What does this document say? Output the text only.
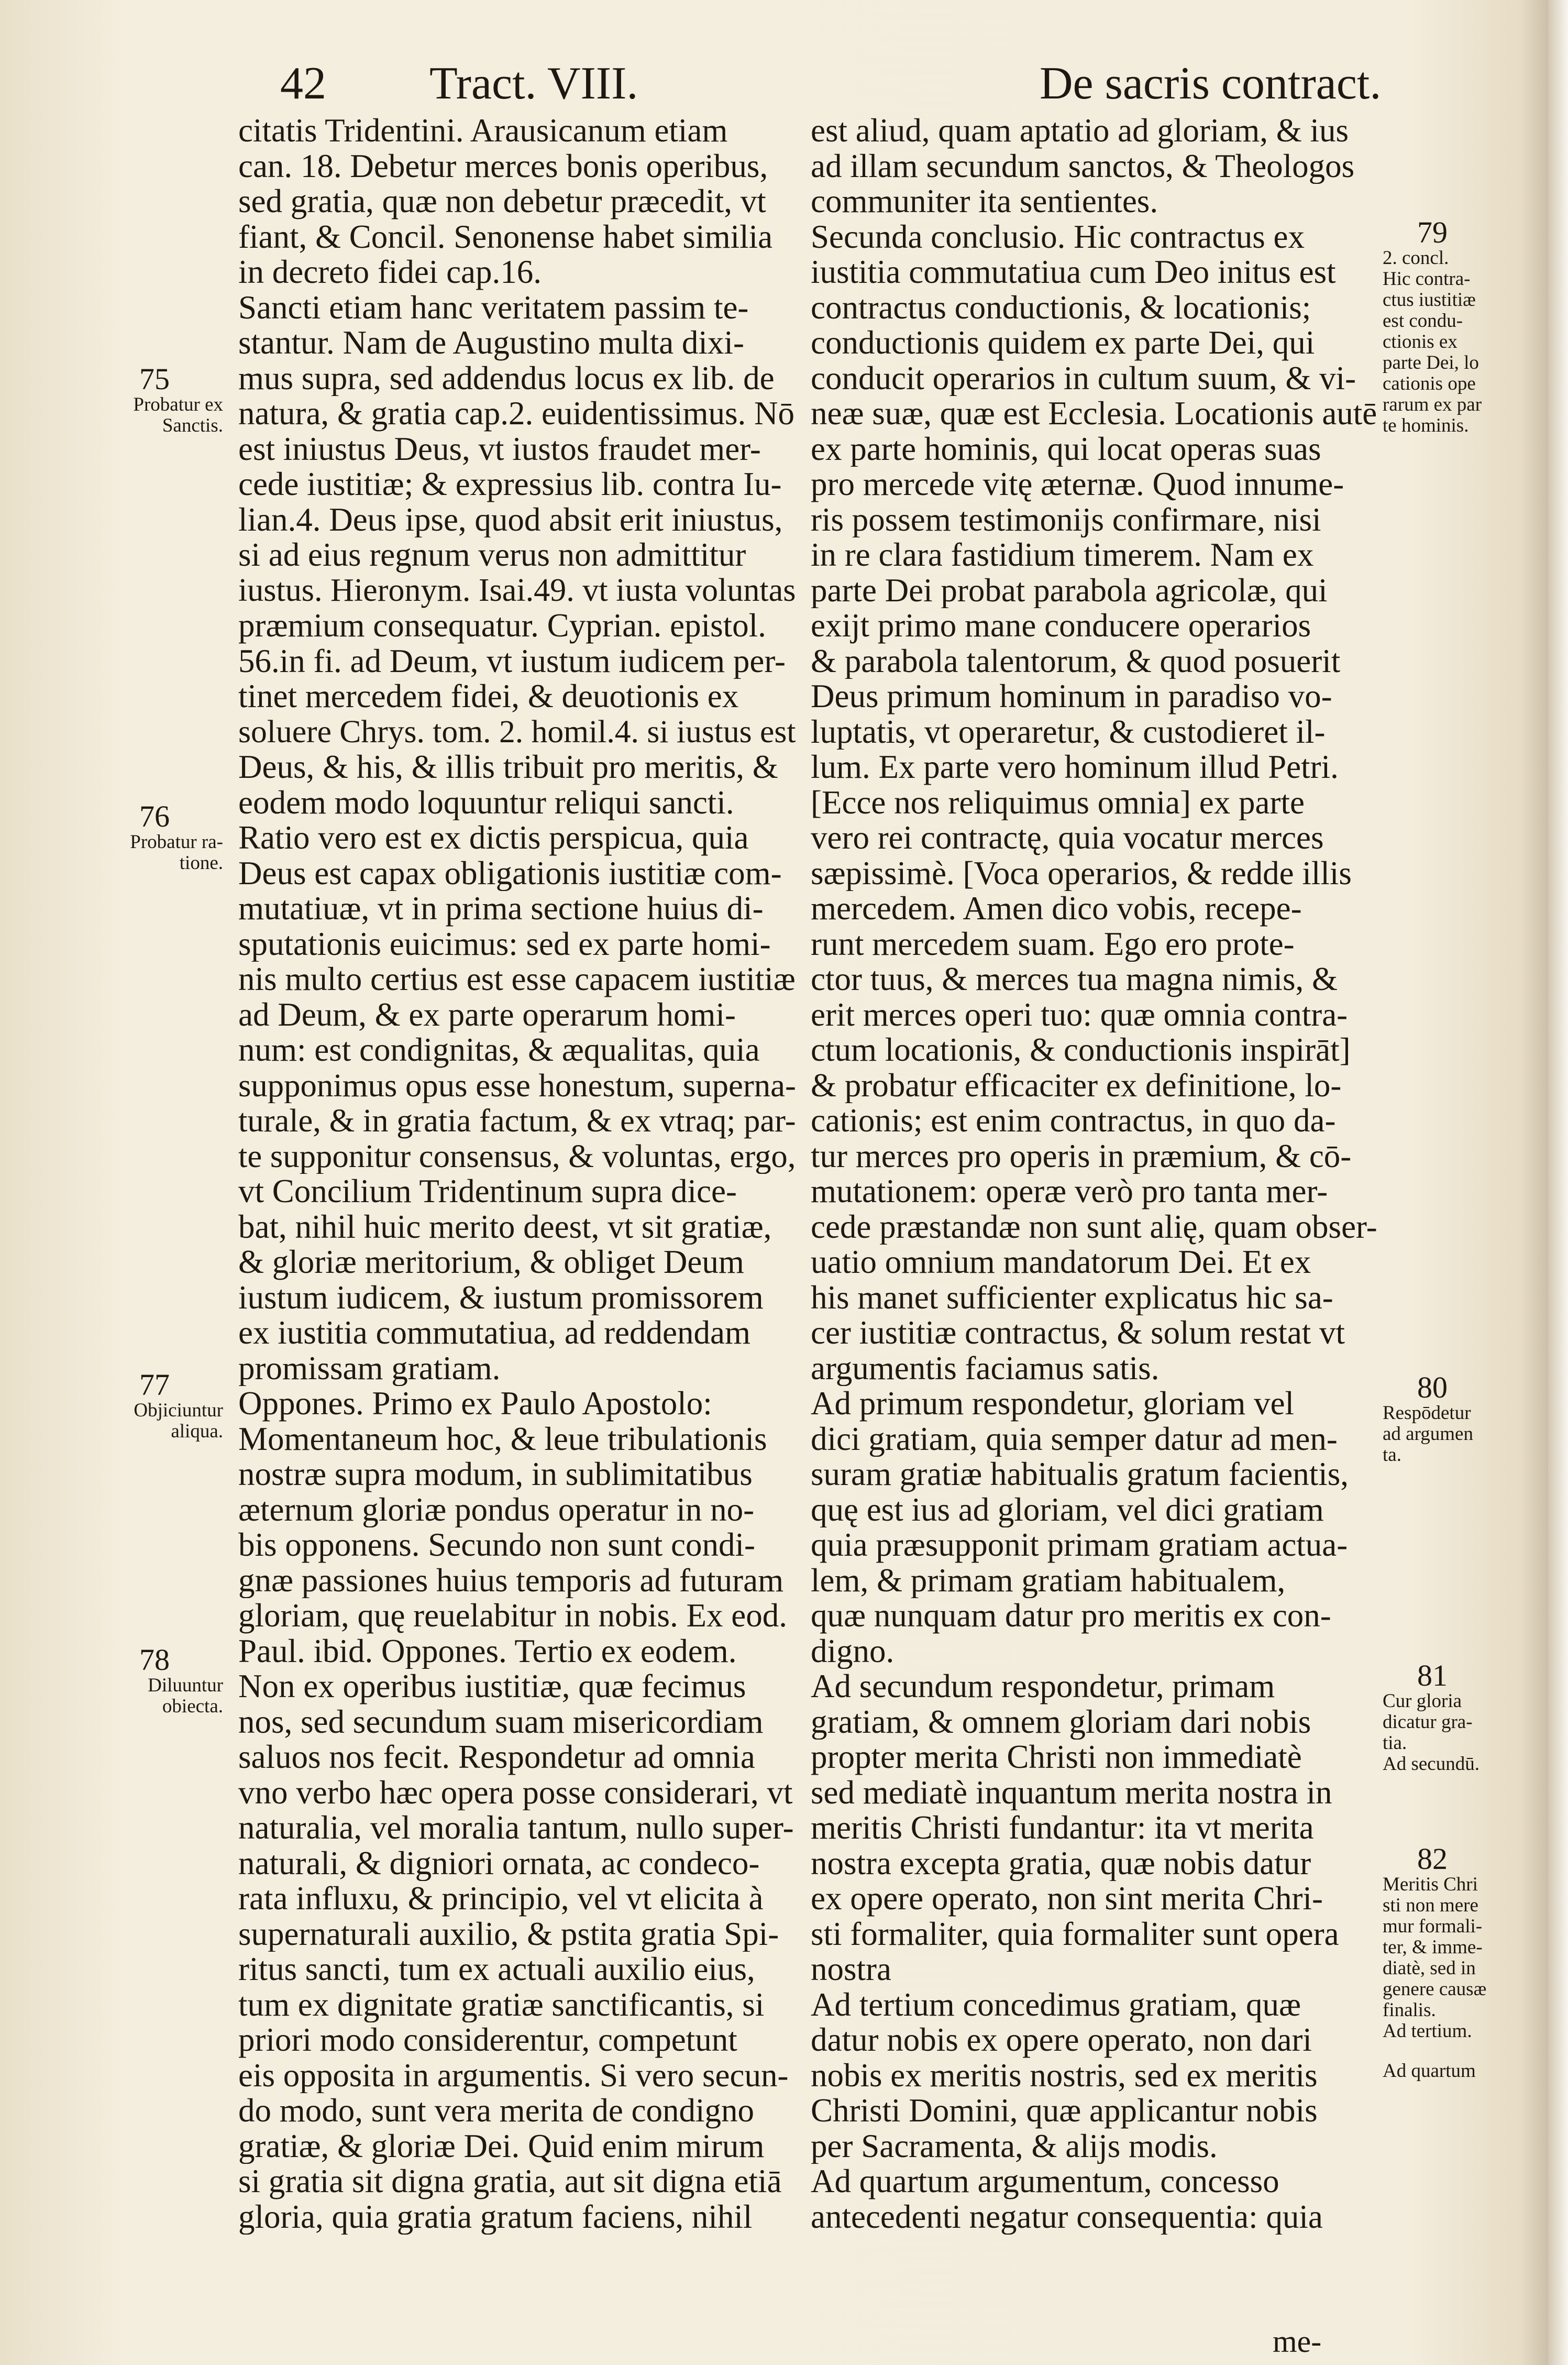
42 Tract. VIII.	De sacris contract.
citatis Tridentini. Arausicanum etiam
can. 18. Debetur merces bonis operibus,
sed gratia, quæ non debetur præcedit, vt
fiant, & Concil. Senonense habet similia
in decreto fidei cap.16.
Sancti etiam hanc veritatem passim te-
stantur. Nam de Augustino multa dixi-
mus supra, sed addendus locus ex lib. de
natura, & gratia cap.2. euidentissimus. Nō
est iniustus Deus, vt iustos fraudet mer-
cede iustitiæ; & expressius lib. contra Iu-
lian.4. Deus ipse, quod absit erit iniustus,
si ad eius regnum verus non admittitur
iustus. Hieronym. Isai.49. vt iusta voluntas
præmium consequatur. Cyprian. epistol.
56.in fi. ad Deum, vt iustum iudicem per-
tinet mercedem fidei, & deuotionis ex
soluere Chrys. tom. 2. homil.4. si iustus est
Deus, & his, & illis tribuit pro meritis, &
eodem modo loquuntur reliqui sancti.
Ratio vero est ex dictis perspicua, quia
Deus est capax obligationis iustitiæ com-
mutatiuæ, vt in prima sectione huius di-
sputationis euicimus: sed ex parte homi-
nis multo certius est esse capacem iustitiæ
ad Deum, & ex parte operarum homi-
num: est condignitas, & æqualitas, quia
supponimus opus esse honestum, superna-
turale, & in gratia factum, & ex vtraq; par-
te supponitur consensus, & voluntas, ergo,
vt Concilium Tridentinum supra dice-
bat, nihil huic merito deest, vt sit gratiæ,
& gloriæ meritorium, & obliget Deum
iustum iudicem, & iustum promissorem
ex iustitia commutatiua, ad reddendam
promissam gratiam.
Oppones. Primo ex Paulo Apostolo:
Momentaneum hoc, & leue tribulationis
nostræ supra modum, in sublimitatibus
æternum gloriæ pondus operatur in no-
bis opponens. Secundo non sunt condi-
gnæ passiones huius temporis ad futuram
gloriam, quę reuelabitur in nobis. Ex eod.
Paul. ibid. Oppones. Tertio ex eodem.
Non ex operibus iustitiæ, quæ fecimus
nos, sed secundum suam misericordiam
saluos nos fecit. Respondetur ad omnia
vno verbo hæc opera posse considerari, vt
naturalia, vel moralia tantum, nullo super-
naturali, & digniori ornata, ac condeco-
rata influxu, & principio, vel vt elicita à
supernaturali auxilio, & pstita gratia Spi-
ritus sancti, tum ex actuali auxilio eius,
tum ex dignitate gratiæ sanctificantis, si
priori modo considerentur, competunt
eis opposita in argumentis. Si vero secun-
do modo, sunt vera merita de condigno
gratiæ, & gloriæ Dei. Quid enim mirum
si gratia sit digna gratia, aut sit digna etiā
gloria, quia gratia gratum faciens, nihil
est aliud, quam aptatio ad gloriam, & ius
ad illam secundum sanctos, & Theologos
communiter ita sentientes.
Secunda conclusio. Hic contractus ex
iustitia commutatiua cum Deo initus est
contractus conductionis, & locationis;
conductionis quidem ex parte Dei, qui
conducit operarios in cultum suum, & vi-
neæ suæ, quæ est Ecclesia. Locationis autē
ex parte hominis, qui locat operas suas
pro mercede vitę æternæ. Quod innume-
ris possem testimonijs confirmare, nisi
in re clara fastidium timerem. Nam ex
parte Dei probat parabola agricolæ, qui
exijt primo mane conducere operarios
& parabola talentorum, & quod posuerit
Deus primum hominum in paradiso vo-
luptatis, vt operaretur, & custodieret il-
lum. Ex parte vero hominum illud Petri.
[Ecce nos reliquimus omnia] ex parte
vero rei contractę, quia vocatur merces
sæpissimè. [Voca operarios, & redde illis
mercedem. Amen dico vobis, recepe-
runt mercedem suam. Ego ero prote-
ctor tuus, & merces tua magna nimis, &
erit merces operi tuo: quæ omnia contra-
ctum locationis, & conductionis inspirāt]
& probatur efficaciter ex definitione, lo-
cationis; est enim contractus, in quo da-
tur merces pro operis in præmium, & cō-
mutationem: operæ verò pro tanta mer-
cede præstandæ non sunt alię, quam obser-
uatio omnium mandatorum Dei. Et ex
his manet sufficienter explicatus hic sa-
cer iustitiæ contractus, & solum restat vt
argumentis faciamus satis.
Ad primum respondetur, gloriam vel
dici gratiam, quia semper datur ad men-
suram gratiæ habitualis gratum facientis,
quę est ius ad gloriam, vel dici gratiam
quia præsupponit primam gratiam actua-
lem, & primam gratiam habitualem,
quæ nunquam datur pro meritis ex con-
digno.
Ad secundum respondetur, primam
gratiam, & omnem gloriam dari nobis
propter merita Christi non immediatè
sed mediatè inquantum merita nostra in
meritis Christi fundantur: ita vt merita
nostra excepta gratia, quæ nobis datur
ex opere operato, non sint merita Chri-
sti formaliter, quia formaliter sunt opera
nostra
Ad tertium concedimus gratiam, quæ
datur nobis ex opere operato, non dari
nobis ex meritis nostris, sed ex meritis
Christi Domini, quæ applicantur nobis
per Sacramenta, & alijs modis.
Ad quartum argumentum, concesso
antecedenti negatur consequentia: quia
75
Probatur ex
Sanctis.
76
Probatur ra-
tione.
77
Objiciuntur
aliqua.
78
Diluuntur
obiecta.
79
2. concl.
Hic contra-
ctus iustitiæ
est condu-
ctionis ex
parte Dei, lo
cationis ope
rarum ex par
te hominis.
80
Respōdetur
ad argumen
ta.
81
Cur gloria
dicatur gra-
tia.
Ad secundū.
82
Meritis Chri
sti non mere
mur formali-
ter, & imme-
diatè, sed in
genere causæ
finalis.
Ad tertium.
Ad quartum
me-
